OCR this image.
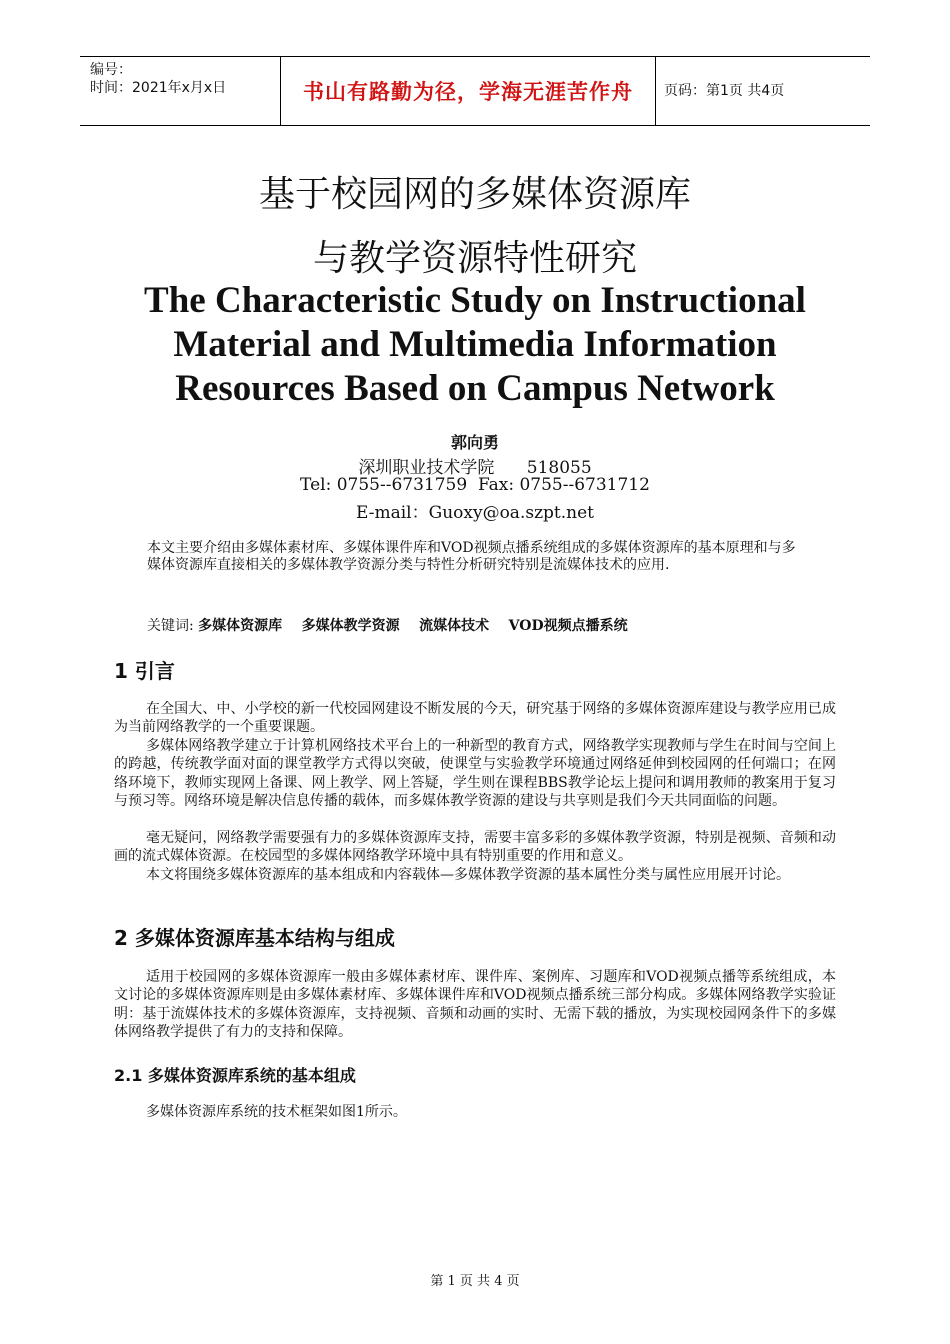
编号：
时间：2021年x月x日	书山有路勤为径，学海无涯苦作舟 页码：第1页 共4页
基于校园网的多媒体资源库
与教学资源特性研究
The Characteristic Study on Instructional
Material and Multimedia Information
Resources Based on Campus Network
郭向勇
深圳职业技术学院      518055
Tel: 0755--6731759  Fax: 0755--6731712
E-mail：Guoxy@oa.szpt.net
本文主要介绍由多媒体素材库、多媒体课件库和VOD视频点播系统组成的多媒体资源库的基本原理和与多媒体资源库直接相关的多媒体教学资源分类与特性分析研究特别是流媒体技术的应用.
关键词: 多媒体资源库    多媒体教学资源    流媒体技术    VOD视频点播系统
1 引言
在全国大、中、小学校的新一代校园网建设不断发展的今天，研究基于网络的多媒体资源库建设与教学应用已成为当前网络教学的一个重要课题。
多媒体网络教学建立于计算机网络技术平台上的一种新型的教育方式，网络教学实现教师与学生在时间与空间上的跨越，传统教学面对面的课堂教学方式得以突破，使课堂与实验教学环境通过网络延伸到校园网的任何端口；在网络环境下，教师实现网上备课、网上教学、网上答疑，学生则在课程BBS教学论坛上提问和调用教师的教案用于复习与预习等。网络环境是解决信息传播的载体，而多媒体教学资源的建设与共享则是我们今天共同面临的问题。
毫无疑问，网络教学需要强有力的多媒体资源库支持，需要丰富多彩的多媒体教学资源，特别是视频、音频和动画的流式媒体资源。在校园型的多媒体网络教学环境中具有特别重要的作用和意义。
本文将围绕多媒体资源库的基本组成和内容载体—多媒体教学资源的基本属性分类与属性应用展开讨论。
2 多媒体资源库基本结构与组成
适用于校园网的多媒体资源库一般由多媒体素材库、课件库、案例库、习题库和VOD视频点播等系统组成，本文讨论的多媒体资源库则是由多媒体素材库、多媒体课件库和VOD视频点播系统三部分构成。多媒体网络教学实验证明：基于流媒体技术的多媒体资源库，支持视频、音频和动画的实时、无需下载的播放，为实现校园网条件下的多媒体网络教学提供了有力的支持和保障。
2.1 多媒体资源库系统的基本组成
多媒体资源库系统的技术框架如图1所示。
第 1 页 共 4 页
